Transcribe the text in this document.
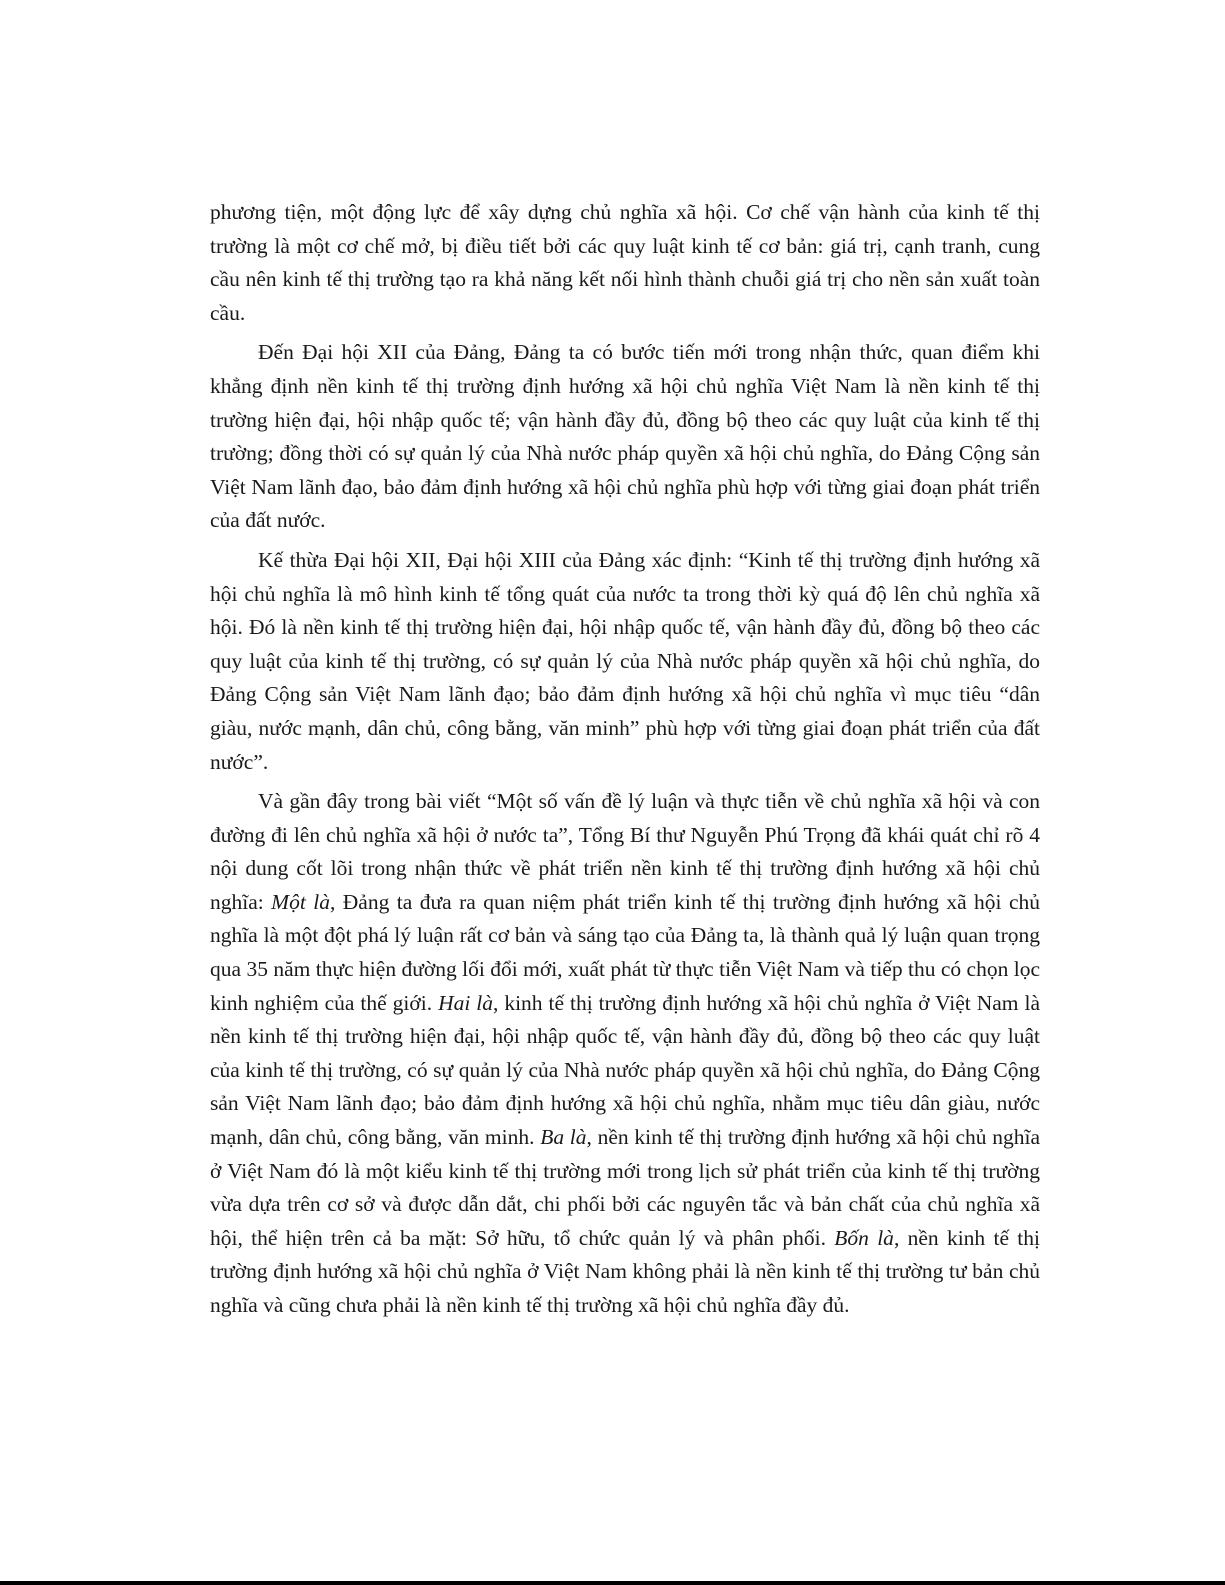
phương tiện, một động lực để xây dựng chủ nghĩa xã hội. Cơ chế vận hành của kinh tế thị trường là một cơ chế mở, bị điều tiết bởi các quy luật kinh tế cơ bản: giá trị, cạnh tranh, cung cầu nên kinh tế thị trường tạo ra khả năng kết nối hình thành chuỗi giá trị cho nền sản xuất toàn cầu.

Đến Đại hội XII của Đảng, Đảng ta có bước tiến mới trong nhận thức, quan điểm khi khẳng định nền kinh tế thị trường định hướng xã hội chủ nghĩa Việt Nam là nền kinh tế thị trường hiện đại, hội nhập quốc tế; vận hành đầy đủ, đồng bộ theo các quy luật của kinh tế thị trường; đồng thời có sự quản lý của Nhà nước pháp quyền xã hội chủ nghĩa, do Đảng Cộng sản Việt Nam lãnh đạo, bảo đảm định hướng xã hội chủ nghĩa phù hợp với từng giai đoạn phát triển của đất nước.

Kế thừa Đại hội XII, Đại hội XIII của Đảng xác định: “Kinh tế thị trường định hướng xã hội chủ nghĩa là mô hình kinh tế tổng quát của nước ta trong thời kỳ quá độ lên chủ nghĩa xã hội. Đó là nền kinh tế thị trường hiện đại, hội nhập quốc tế, vận hành đầy đủ, đồng bộ theo các quy luật của kinh tế thị trường, có sự quản lý của Nhà nước pháp quyền xã hội chủ nghĩa, do Đảng Cộng sản Việt Nam lãnh đạo; bảo đảm định hướng xã hội chủ nghĩa vì mục tiêu “dân giàu, nước mạnh, dân chủ, công bằng, văn minh” phù hợp với từng giai đoạn phát triển của đất nước”.

Và gần đây trong bài viết “Một số vấn đề lý luận và thực tiễn về chủ nghĩa xã hội và con đường đi lên chủ nghĩa xã hội ở nước ta”, Tổng Bí thư Nguyễn Phú Trọng đã khái quát chỉ rõ 4 nội dung cốt lõi trong nhận thức về phát triển nền kinh tế thị trường định hướng xã hội chủ nghĩa: Một là, Đảng ta đưa ra quan niệm phát triển kinh tế thị trường định hướng xã hội chủ nghĩa là một đột phá lý luận rất cơ bản và sáng tạo của Đảng ta, là thành quả lý luận quan trọng qua 35 năm thực hiện đường lối đổi mới, xuất phát từ thực tiễn Việt Nam và tiếp thu có chọn lọc kinh nghiệm của thế giới. Hai là, kinh tế thị trường định hướng xã hội chủ nghĩa ở Việt Nam là nền kinh tế thị trường hiện đại, hội nhập quốc tế, vận hành đầy đủ, đồng bộ theo các quy luật của kinh tế thị trường, có sự quản lý của Nhà nước pháp quyền xã hội chủ nghĩa, do Đảng Cộng sản Việt Nam lãnh đạo; bảo đảm định hướng xã hội chủ nghĩa, nhằm mục tiêu dân giàu, nước mạnh, dân chủ, công bằng, văn minh. Ba là, nền kinh tế thị trường định hướng xã hội chủ nghĩa ở Việt Nam đó là một kiểu kinh tế thị trường mới trong lịch sử phát triển của kinh tế thị trường vừa dựa trên cơ sở và được dẫn dắt, chi phối bởi các nguyên tắc và bản chất của chủ nghĩa xã hội, thể hiện trên cả ba mặt: Sở hữu, tổ chức quản lý và phân phối. Bốn là, nền kinh tế thị trường định hướng xã hội chủ nghĩa ở Việt Nam không phải là nền kinh tế thị trường tư bản chủ nghĩa và cũng chưa phải là nền kinh tế thị trường xã hội chủ nghĩa đầy đủ.
